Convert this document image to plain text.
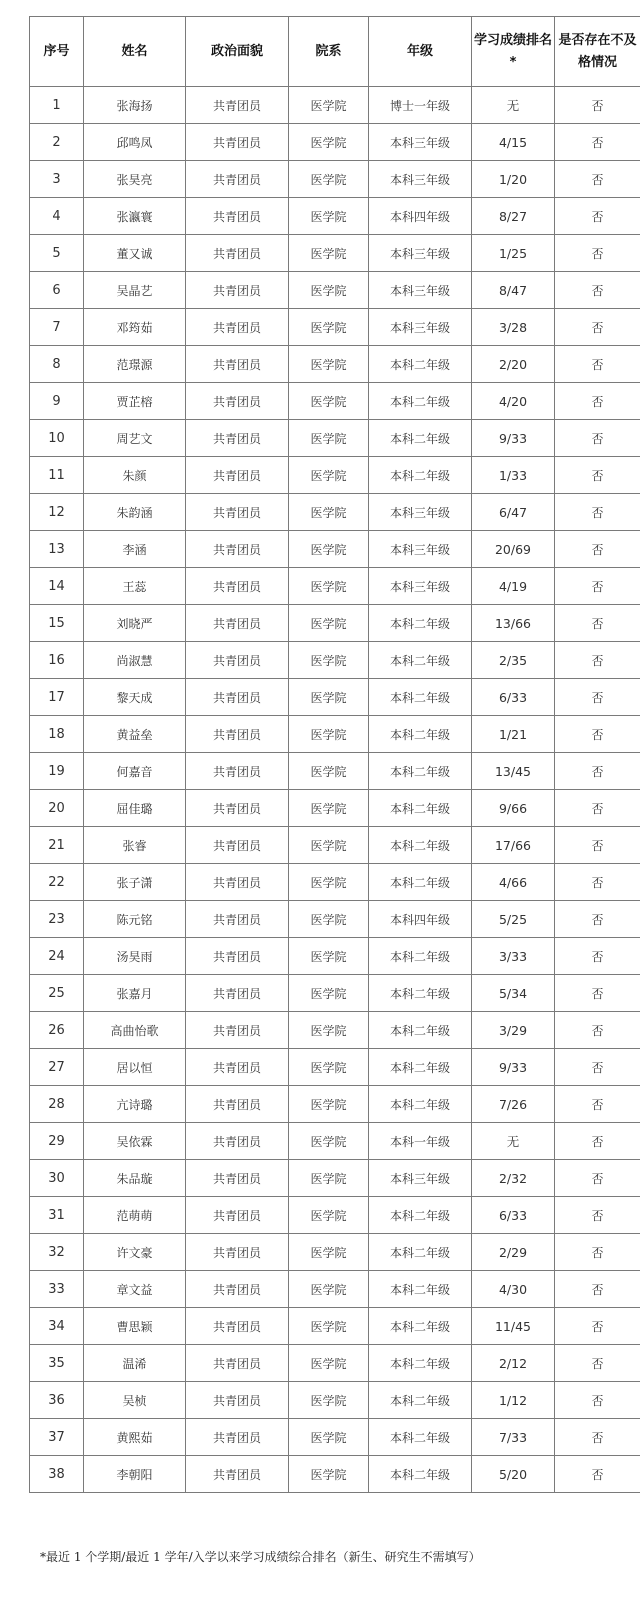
序号	姓名	政治面貌	院系	年级	学习成绩排名*	是否存在不及格情况
1	张海扬	共青团员	医学院	博士一年级	无	否
2	邱鸣凤	共青团员	医学院	本科三年级	4/15	否
3	张昊亮	共青团员	医学院	本科三年级	1/20	否
4	张瀛寰	共青团员	医学院	本科四年级	8/27	否
5	董又诚	共青团员	医学院	本科三年级	1/25	否
6	吴晶艺	共青团员	医学院	本科三年级	8/47	否
7	邓筠茹	共青团员	医学院	本科三年级	3/28	否
8	范璟源	共青团员	医学院	本科二年级	2/20	否
9	贾芷榕	共青团员	医学院	本科二年级	4/20	否
10	周艺文	共青团员	医学院	本科二年级	9/33	否
11	朱颜	共青团员	医学院	本科二年级	1/33	否
12	朱韵涵	共青团员	医学院	本科三年级	6/47	否
13	李涵	共青团员	医学院	本科三年级	20/69	否
14	王蕊	共青团员	医学院	本科三年级	4/19	否
15	刘晓严	共青团员	医学院	本科二年级	13/66	否
16	尚淑慧	共青团员	医学院	本科二年级	2/35	否
17	黎天成	共青团员	医学院	本科二年级	6/33	否
18	黄益垒	共青团员	医学院	本科二年级	1/21	否
19	何嘉音	共青团员	医学院	本科二年级	13/45	否
20	屈佳璐	共青团员	医学院	本科二年级	9/66	否
21	张睿	共青团员	医学院	本科二年级	17/66	否
22	张子潇	共青团员	医学院	本科二年级	4/66	否
23	陈元铭	共青团员	医学院	本科四年级	5/25	否
24	汤昊雨	共青团员	医学院	本科二年级	3/33	否
25	张嘉月	共青团员	医学院	本科二年级	5/34	否
26	高曲怡歌	共青团员	医学院	本科二年级	3/29	否
27	居以恒	共青团员	医学院	本科二年级	9/33	否
28	亢诗璐	共青团员	医学院	本科二年级	7/26	否
29	吴依霖	共青团员	医学院	本科一年级	无	否
30	朱品璇	共青团员	医学院	本科三年级	2/32	否
31	范萌萌	共青团员	医学院	本科二年级	6/33	否
32	许文豪	共青团员	医学院	本科二年级	2/29	否
33	章文益	共青团员	医学院	本科二年级	4/30	否
34	曹思颖	共青团员	医学院	本科二年级	11/45	否
35	温浠	共青团员	医学院	本科二年级	2/12	否
36	吴桢	共青团员	医学院	本科二年级	1/12	否
37	黄熙茹	共青团员	医学院	本科二年级	7/33	否
38	李朝阳	共青团员	医学院	本科二年级	5/20	否
*最近 1 个学期/最近 1 学年/入学以来学习成绩综合排名（新生、研究生不需填写）
